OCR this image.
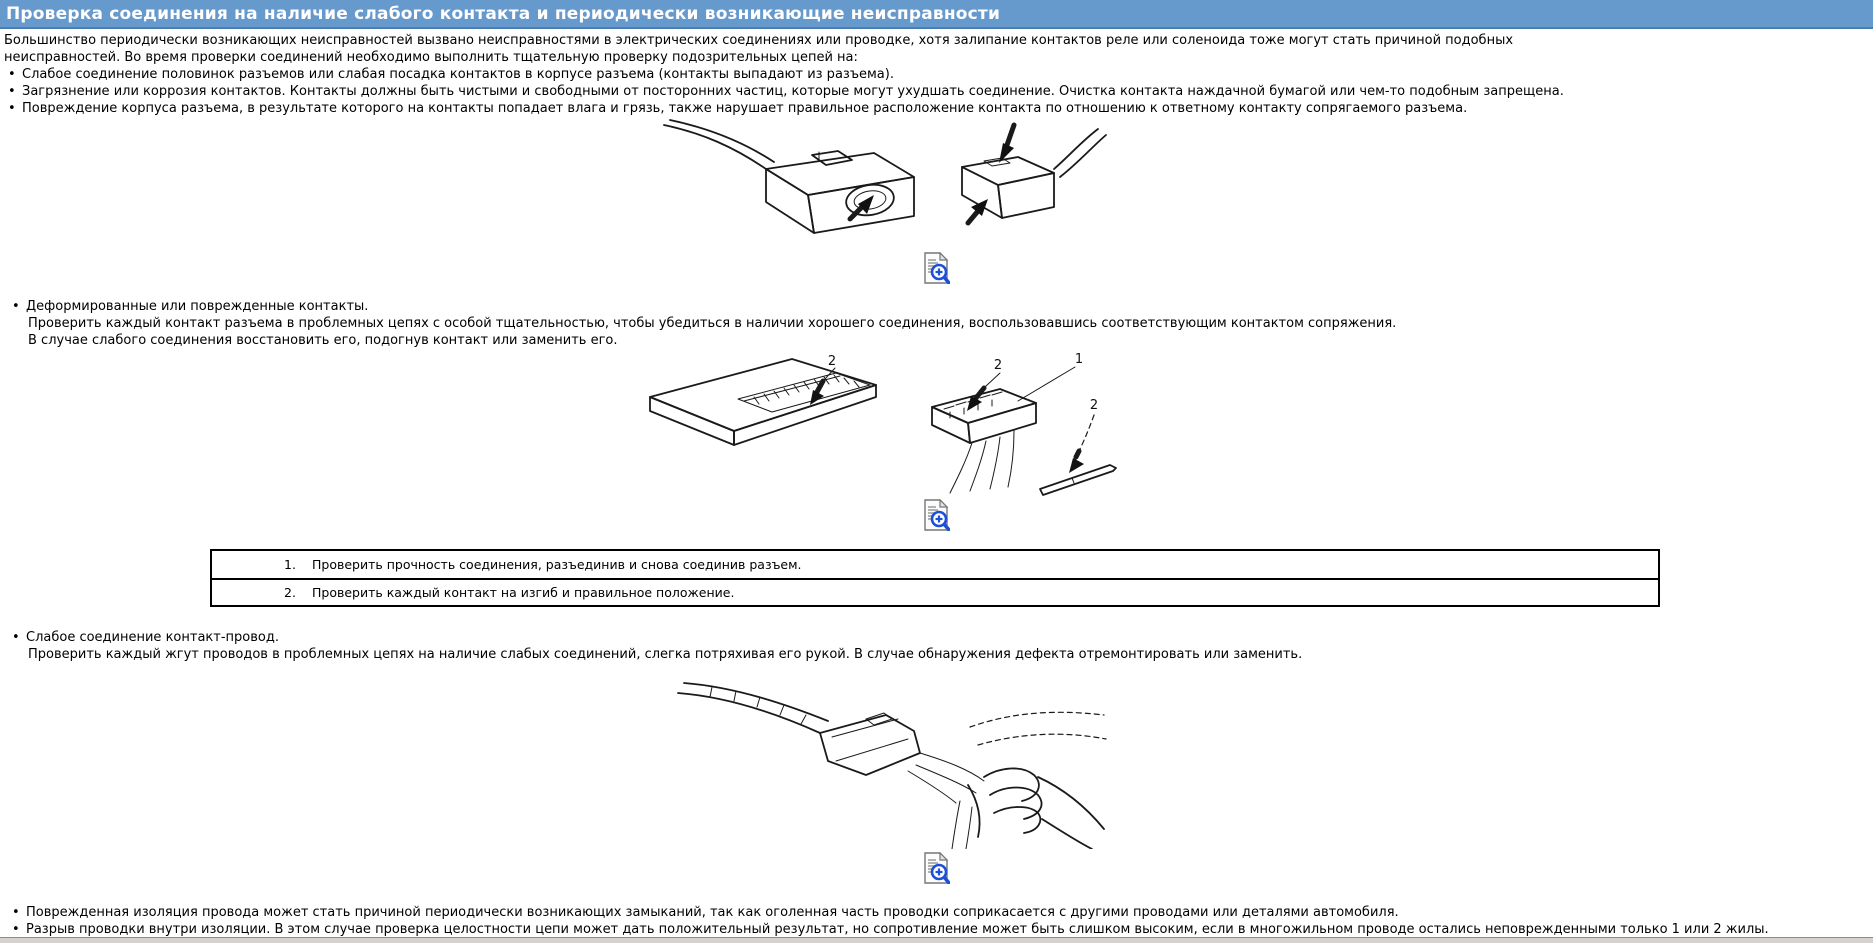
Проверка соединения на наличие слабого контакта и периодически возникающие неисправности

Большинство периодически возникающих неисправностей вызвано неисправностями в электрических соединениях или проводке, хотя залипание контактов реле или соленоида тоже могут стать причиной подобных неисправностей. Во время проверки соединений необходимо выполнить тщательную проверку подозрительных цепей на:

• Слабое соединение половинок разъемов или слабая посадка контактов в корпусе разъема (контакты выпадают из разъема).
• Загрязнение или коррозия контактов. Контакты должны быть чистыми и свободными от посторонних частиц, которые могут ухудшать соединение. Очистка контакта наждачной бумагой или чем-то подобным запрещена.
• Повреждение корпуса разъема, в результате которого на контакты попадает влага и грязь, также нарушает правильное расположение контакта по отношению к ответному контакту сопрягаемого разъема.
• Деформированные или поврежденные контакты.
Проверить каждый контакт разъема в проблемных цепях с особой тщательностью, чтобы убедиться в наличии хорошего соединения, воспользовавшись соответствующим контактом сопряжения.
В случае слабого соединения восстановить его, подогнув контакт или заменить его.
2	1
2
2
1.	Проверить прочность соединения, разъединив и снова соединив разъем.
2.	Проверить каждый контакт на изгиб и правильное положение.
• Слабое соединение контакт-провод.
Проверить каждый жгут проводов в проблемных цепях на наличие слабых соединений, слегка потряхивая его рукой. В случае обнаружения дефекта отремонтировать или заменить.
• Поврежденная изоляция провода может стать причиной периодически возникающих замыканий, так как оголенная часть проводки соприкасается с другими проводами или деталями автомобиля.
• Разрыв проводки внутри изоляции. В этом случае проверка целостности цепи может дать положительный результат, но сопротивление может быть слишком высоким, если в многожильном проводе остались неповрежденными только 1 или 2 жилы.
